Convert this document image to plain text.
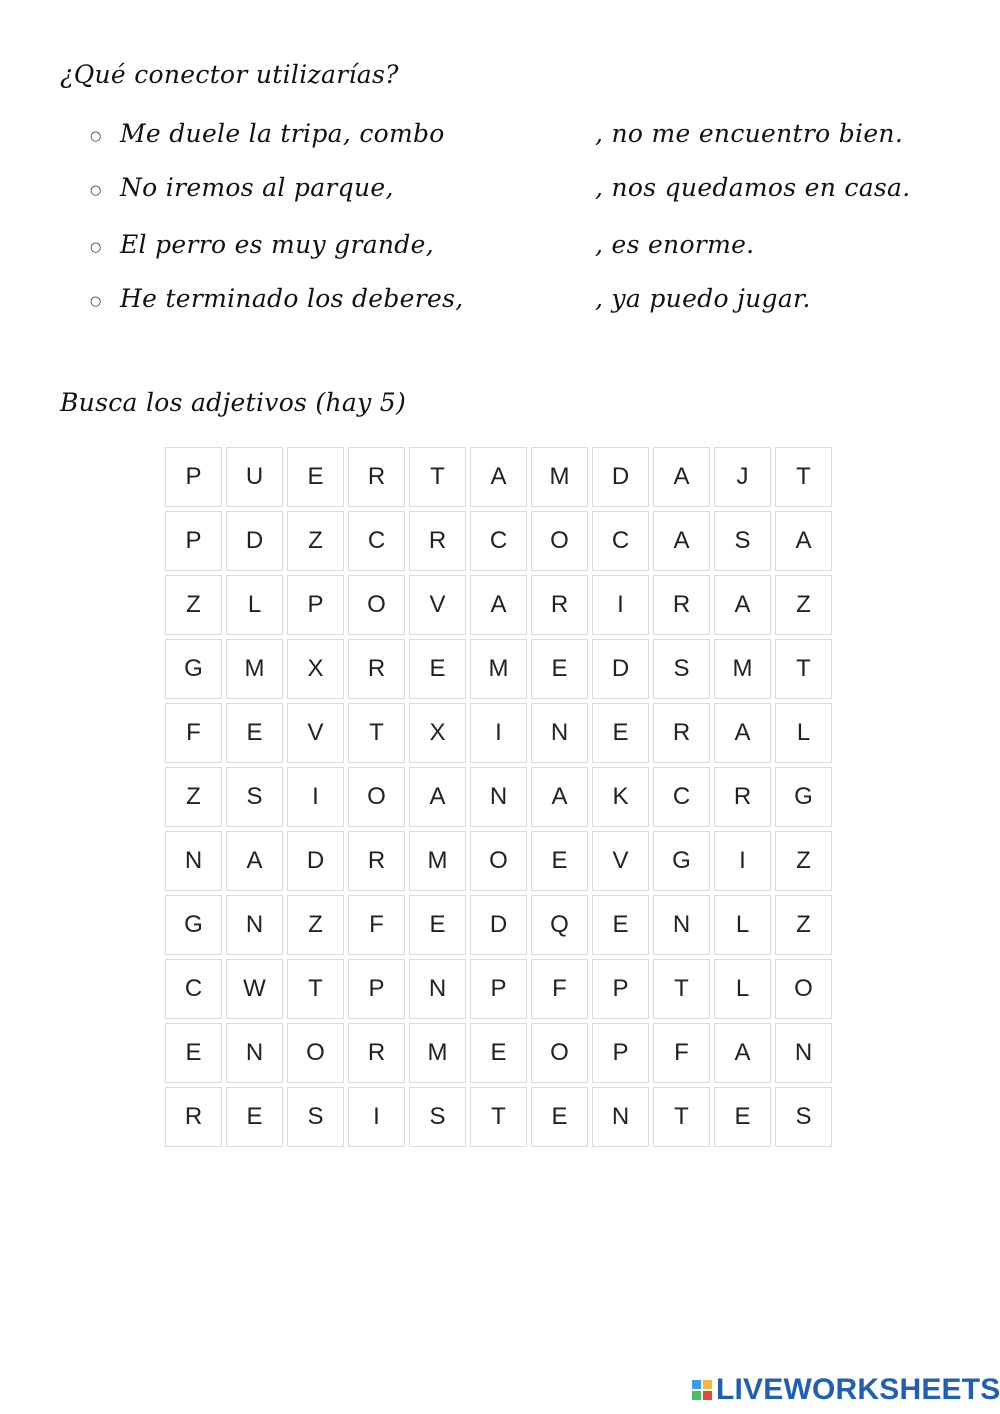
¿Qué conector utilizarías?
○ Me duele la tripa, combo	, no me encuentro bien.
○ No iremos al parque,	, nos quedamos en casa.
○ El perro es muy grande,	, es enorme.
○ He terminado los deberes,	, ya puedo jugar.
Busca los adjetivos (hay 5)
P	U	E	R	T	A	M	D	A	J	T
P	D	Z	C	R	C	O	C	A	S	A
Z	L	P	O	V	A	R	I	R	A	Z
G	M	X	R	E	M	E	D	S	M	T
F	E	V	T	X	I	N	E	R	A	L
Z	S	I	O	A	N	A	K	C	R	G
N	A	D	R	M	O	E	V	G	I	Z
G	N	Z	F	E	D	Q	E	N	L	Z
C	W	T	P	N	P	F	P	T	L	O
E	N	O	R	M	E	O	P	F	A	N
R	E	S	I	S	T	E	N	T	E	S
LIVEWORKSHEETS
